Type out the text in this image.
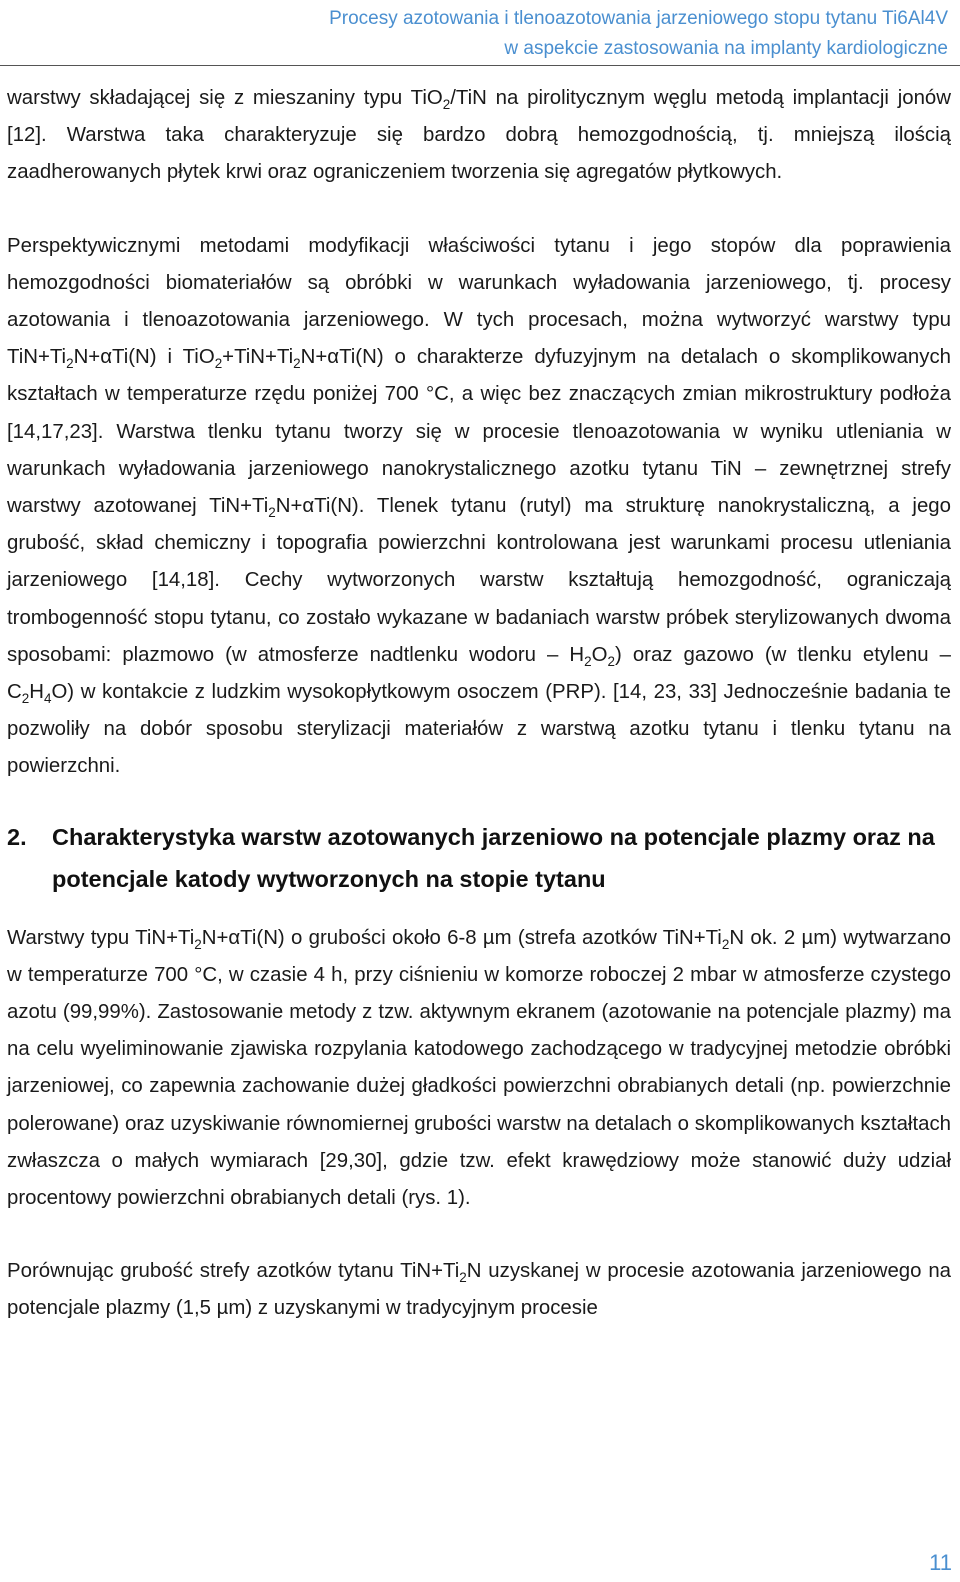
Procesy azotowania i tlenoazotowania jarzeniowego stopu tytanu Ti6Al4V
w aspekcie zastosowania na implanty kardiologiczne

warstwy składającej się z mieszaniny typu TiO$_2$/TiN na pirolitycznym węglu metodą implantacji jonów [12]. Warstwa taka charakteryzuje się bardzo dobrą hemozgodnością, tj. mniejszą ilością zaadherowanych płytek krwi oraz ograniczeniem tworzenia się agregatów płytkowych.

Perspektywicznymi metodami modyfikacji właściwości tytanu i jego stopów dla poprawienia hemozgodności biomateriałów są obróbki w warunkach wyładowania jarzeniowego, tj. procesy azotowania i tlenoazotowania jarzeniowego. W tych procesach, można wytworzyć warstwy typu $TiN+Ti_2N+\alpha Ti(N)$ i $TiO_2+TiN+Ti_2N+\alpha Ti(N)$ o charakterze dyfuzyjnym na detalach o skomplikowanych kształtach w temperaturze rzędu poniżej 700 °C, a więc bez znaczących zmian mikrostruktury podłoża [14,17,23]. Warstwa tlenku tytanu tworzy się w procesie tlenoazotowania w wyniku utleniania w warunkach wyładowania jarzeniowego nanokrystalicznego azotku tytanu TiN – zewnętrznej strefy warstwy azotowanej $TiN+Ti_2N+\alpha Ti(N)$. Tlenek tytanu (rutyl) ma strukturę nanokrystaliczną, a jego grubość, skład chemiczny i topografia powierzchni kontrolowana jest warunkami procesu utleniania jarzeniowego [14,18]. Cechy wytworzonych warstw kształtują hemozgodność, ograniczają trombogenność stopu tytanu, co zostało wykazane w badaniach warstw próbek sterylizowanych dwoma sposobami: plazmowo (w atmosferze nadtlenku wodoru – $H_2O_2$) oraz gazowo (w tlenku etylenu – $C_2H_4O$) w kontakcie z ludzkim wysokopłytkowym osoczem (PRP). [14, 23, 33] Jednocześnie badania te pozwoliły na dobór sposobu sterylizacji materiałów z warstwą azotku tytanu i tlenku tytanu na powierzchni.

2.	Charakterystyka warstw azotowanych jarzeniowo na potencjale plazmy oraz na potencjale katody wytworzonych na stopie tytanu

Warstwy typu $TiN+Ti_2N+\alpha Ti(N)$ o grubości około 6-8 µm (strefa azotków $TiN+Ti_2N$ ok. 2 µm) wytwarzano w temperaturze 700 °C, w czasie 4 h, przy ciśnieniu w komorze roboczej 2 mbar w atmosferze czystego azotu (99,99%). Zastosowanie metody z tzw. aktywnym ekranem (azotowanie na potencjale plazmy) ma na celu wyeliminowanie zjawiska rozpylania katodowego zachodzącego w tradycyjnej metodzie obróbki jarzeniowej, co zapewnia zachowanie dużej gładkości powierzchni obrabianych detali (np. powierzchnie polerowane) oraz uzyskiwanie równomiernej grubości warstw na detalach o skomplikowanych kształtach zwłaszcza o małych wymiarach [29,30], gdzie tzw. efekt krawędziowy może stanowić duży udział procentowy powierzchni obrabianych detali (rys. 1).

Porównując grubość strefy azotków tytanu $TiN+Ti_2N$ uzyskanej w procesie azotowania jarzeniowego na potencjale plazmy (1,5 µm) z uzyskanymi w tradycyjnym procesie

11
